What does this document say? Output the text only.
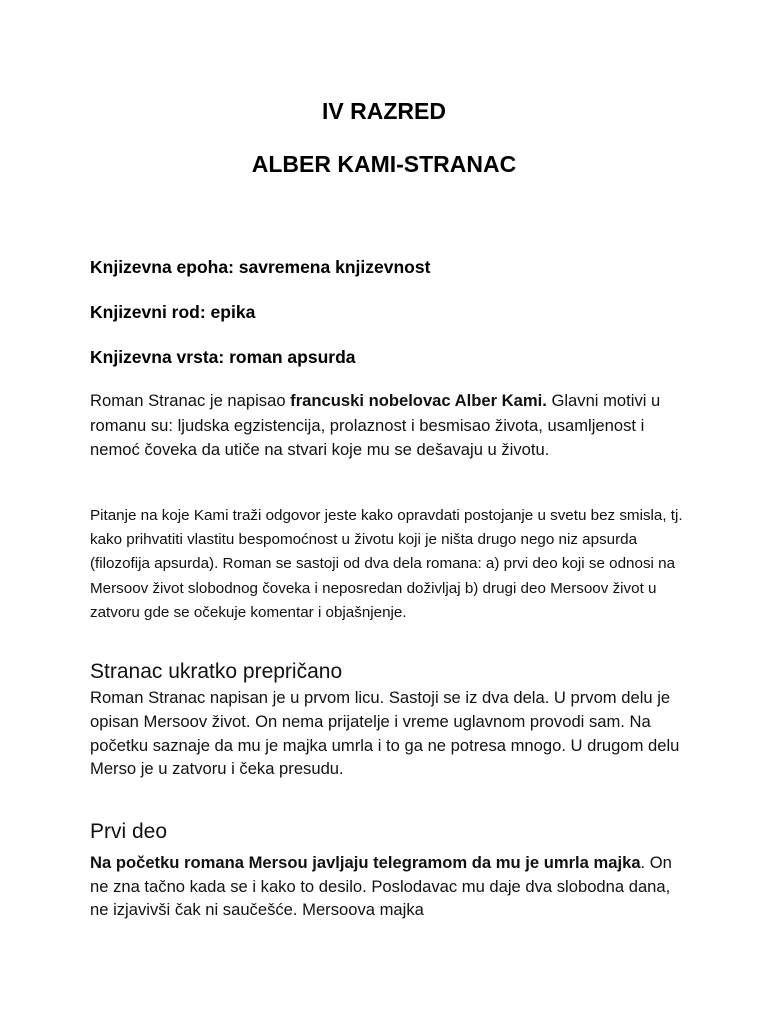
IV RAZRED
ALBER KAMI-STRANAC

Knjizevna epoha: savremena knjizevnost

Knjizevni rod: epika

Knjizevna vrsta: roman apsurda

Roman Stranac je napisao francuski nobelovac Alber Kami. Glavni motivi u romanu su: ljudska egzistencija, prolaznost i besmisao života, usamljenost i nemoć čoveka da utiče na stvari koje mu se dešavaju u životu.

Pitanje na koje Kami traži odgovor jeste kako opravdati postojanje u svetu bez smisla, tj. kako prihvatiti vlastitu bespomoćnost u životu koji je ništa drugo nego niz apsurda (filozofija apsurda). Roman se sastoji od dva dela romana: a) prvi deo koji se odnosi na Mersoov život slobodnog čoveka i neposredan doživljaj b) drugi deo Mersoov život u zatvoru gde se očekuje komentar i objašnjenje.

Stranac ukratko prepričano

Roman Stranac napisan je u prvom licu. Sastoji se iz dva dela. U prvom delu je opisan Mersoov život. On nema prijatelje i vreme uglavnom provodi sam. Na početku saznaje da mu je majka umrla i to ga ne potresa mnogo. U drugom delu Merso je u zatvoru i čeka presudu.

Prvi deo

Na početku romana Mersou javljaju telegramom da mu je umrla majka. On ne zna tačno kada se i kako to desilo. Poslodavac mu daje dva slobodna dana, ne izjavivši čak ni saučešće. Mersoova majka
